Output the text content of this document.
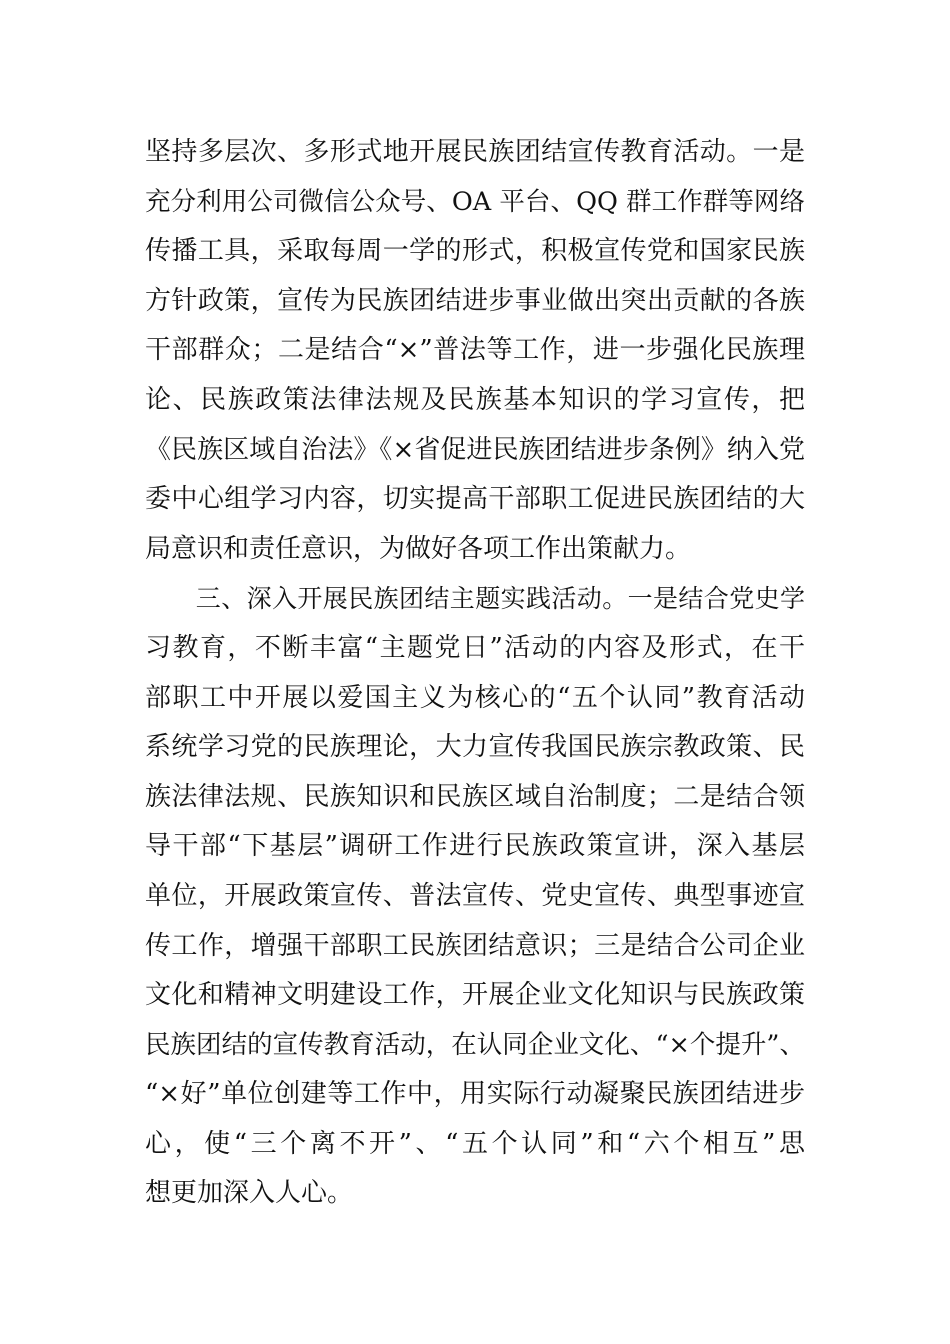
坚持多层次、多形式地开展民族团结宣传教育活动。一是
充分利用公司微信公众号、OA 平台、QQ 群工作群等网络
传播工具，采取每周一学的形式，积极宣传党和国家民族
方针政策，宣传为民族团结进步事业做出突出贡献的各族
干部群众；二是结合“×”普法等工作，进一步强化民族理
论、民族政策法律法规及民族基本知识的学习宣传，把
《民族区域自治法》《×省促进民族团结进步条例》纳入党
委中心组学习内容，切实提高干部职工促进民族团结的大
局意识和责任意识，为做好各项工作出策献力。
　　三、深入开展民族团结主题实践活动。一是结合党史学
习教育，不断丰富“主题党日”活动的内容及形式，在干
部职工中开展以爱国主义为核心的“五个认同”教育活动
系统学习党的民族理论，大力宣传我国民族宗教政策、民
族法律法规、民族知识和民族区域自治制度；二是结合领
导干部“下基层”调研工作进行民族政策宣讲，深入基层
单位，开展政策宣传、普法宣传、党史宣传、典型事迹宣
传工作，增强干部职工民族团结意识；三是结合公司企业
文化和精神文明建设工作，开展企业文化知识与民族政策
民族团结的宣传教育活动，在认同企业文化、“×个提升”、
“×好”单位创建等工作中，用实际行动凝聚民族团结进步
心，使“三个离不开”、“五个认同”和“六个相互”思
想更加深入人心。
